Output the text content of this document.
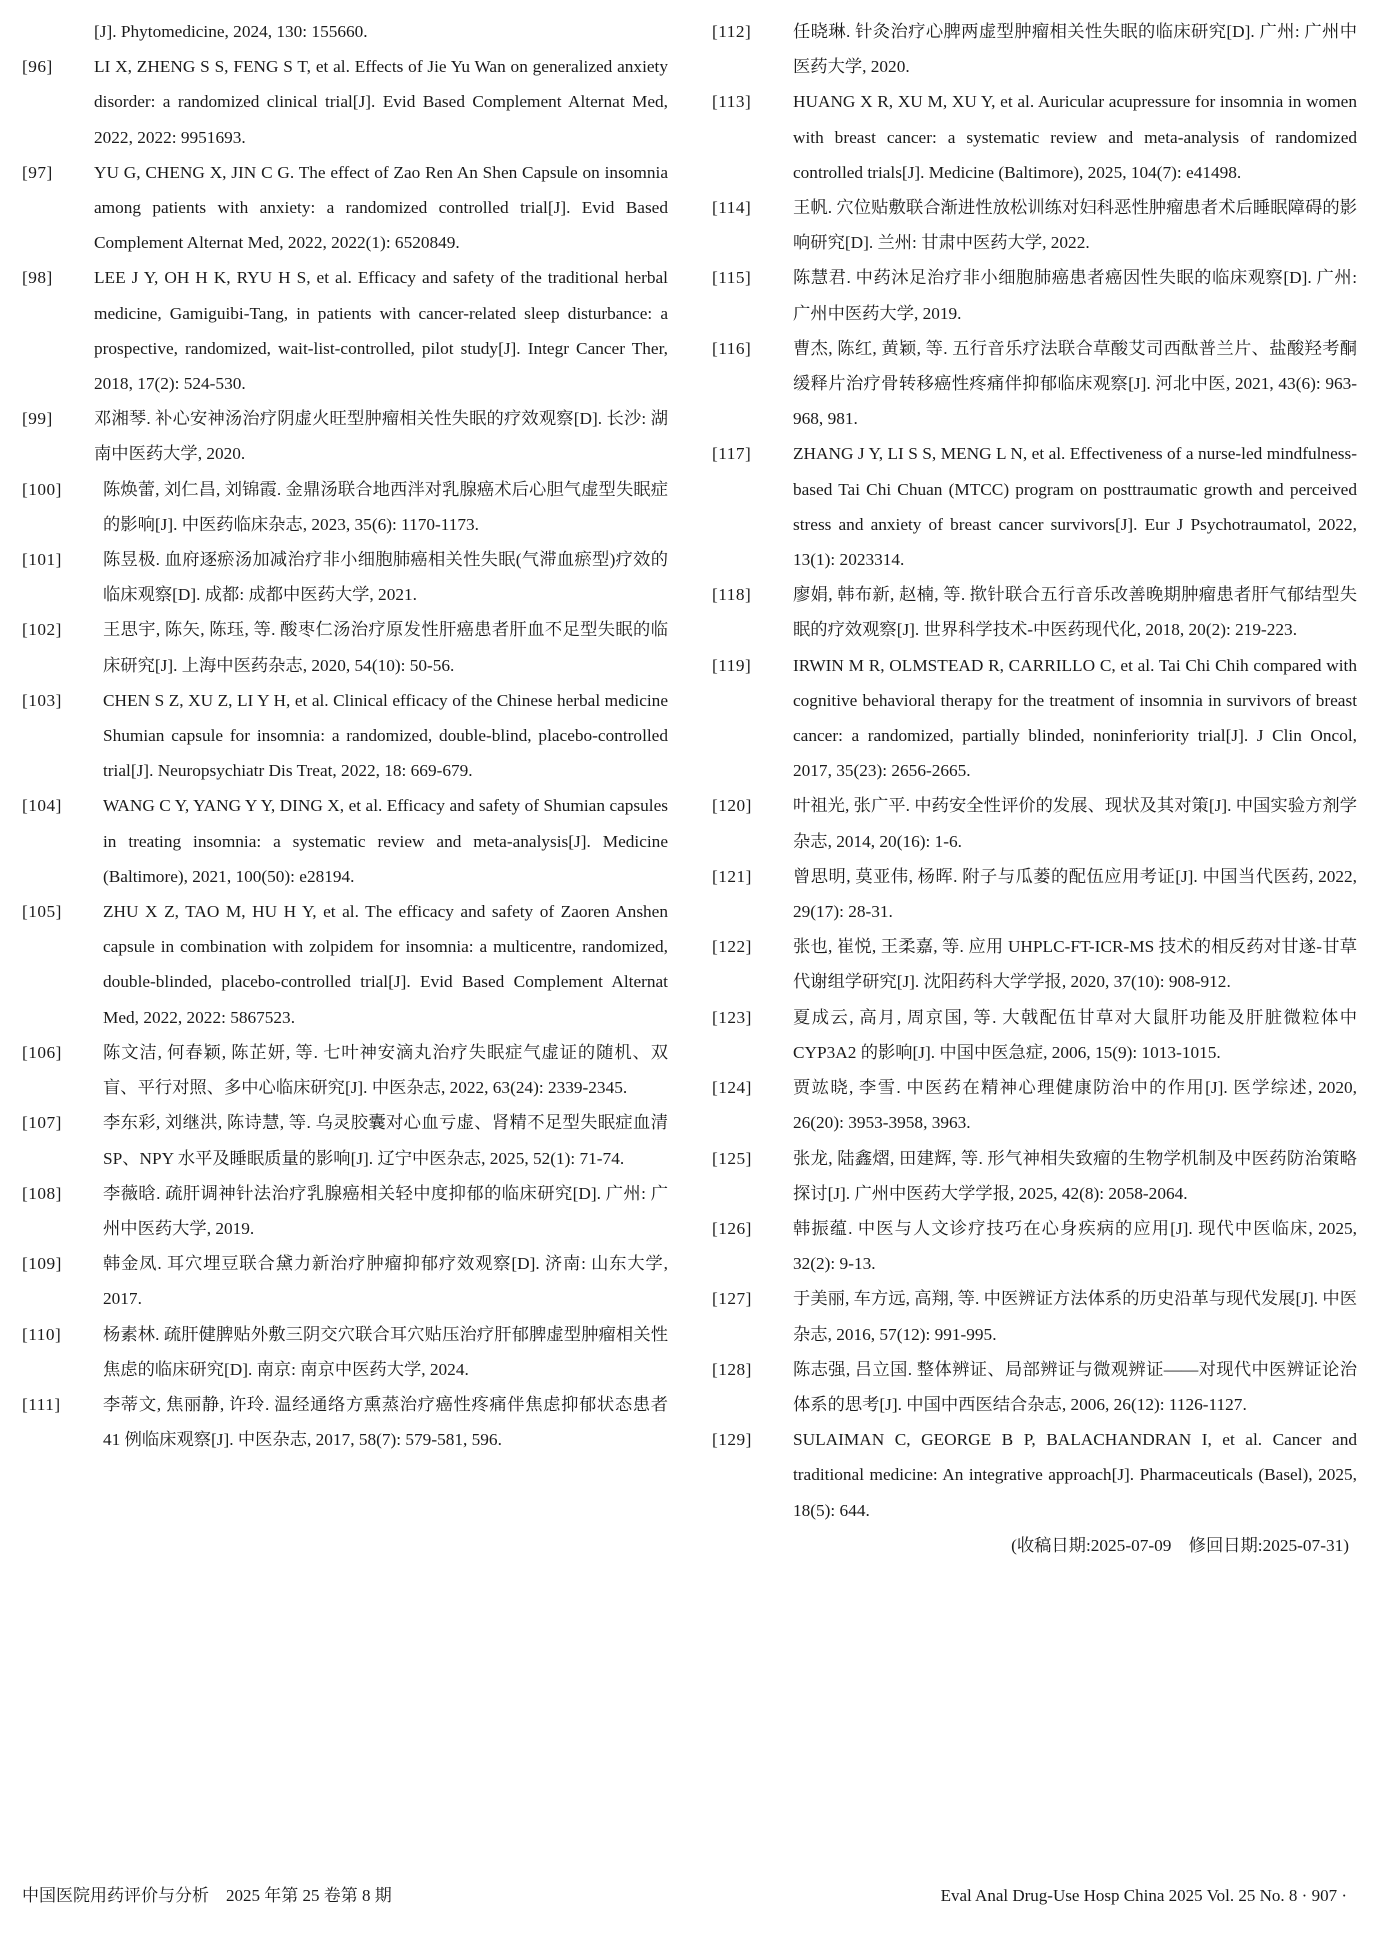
[J]. Phytomedicine, 2024, 130: 155660.
[96]	LI X, ZHENG S S, FENG S T, et al. Effects of Jie Yu Wan on generalized anxiety disorder: a randomized clinical trial[J]. Evid Based Complement Alternat Med, 2022, 2022: 9951693.
[97]	YU G, CHENG X, JIN C G. The effect of Zao Ren An Shen Capsule on insomnia among patients with anxiety: a randomized controlled trial[J]. Evid Based Complement Alternat Med, 2022, 2022(1): 6520849.
[98]	LEE J Y, OH H K, RYU H S, et al. Efficacy and safety of the traditional herbal medicine, Gamiguibi-Tang, in patients with cancer-related sleep disturbance: a prospective, randomized, wait-list-controlled, pilot study[J]. Integr Cancer Ther, 2018, 17(2): 524-530.
[99]	邓湘琴. 补心安神汤治疗阴虚火旺型肿瘤相关性失眠的疗效观察[D]. 长沙: 湖南中医药大学, 2020.
[100]	陈焕蕾, 刘仁昌, 刘锦霞. 金鼎汤联合地西泮对乳腺癌术后心胆气虚型失眠症的影响[J]. 中医药临床杂志, 2023, 35(6): 1170-1173.
[101]	陈昱极. 血府逐瘀汤加减治疗非小细胞肺癌相关性失眠(气滞血瘀型)疗效的临床观察[D]. 成都: 成都中医药大学, 2021.
[102]	王思宇, 陈矢, 陈珏, 等. 酸枣仁汤治疗原发性肝癌患者肝血不足型失眠的临床研究[J]. 上海中医药杂志, 2020, 54(10): 50-56.
[103]	CHEN S Z, XU Z, LI Y H, et al. Clinical efficacy of the Chinese herbal medicine Shumian capsule for insomnia: a randomized, double-blind, placebo-controlled trial[J]. Neuropsychiatr Dis Treat, 2022, 18: 669-679.
[104]	WANG C Y, YANG Y Y, DING X, et al. Efficacy and safety of Shumian capsules in treating insomnia: a systematic review and meta-analysis[J]. Medicine (Baltimore), 2021, 100(50): e28194.
[105]	ZHU X Z, TAO M, HU H Y, et al. The efficacy and safety of Zaoren Anshen capsule in combination with zolpidem for insomnia: a multicentre, randomized, double-blinded, placebo-controlled trial[J]. Evid Based Complement Alternat Med, 2022, 2022: 5867523.
[106]	陈文洁, 何春颖, 陈芷妍, 等. 七叶神安滴丸治疗失眠症气虚证的随机、双盲、平行对照、多中心临床研究[J]. 中医杂志, 2022, 63(24): 2339-2345.
[107]	李东彩, 刘继洪, 陈诗慧, 等. 乌灵胶囊对心血亏虚、肾精不足型失眠症血清 SP、NPY 水平及睡眠质量的影响[J]. 辽宁中医杂志, 2025, 52(1): 71-74.
[108]	李薇晗. 疏肝调神针法治疗乳腺癌相关轻中度抑郁的临床研究[D]. 广州: 广州中医药大学, 2019.
[109]	韩金凤. 耳穴埋豆联合黛力新治疗肿瘤抑郁疗效观察[D]. 济南: 山东大学, 2017.
[110]	杨素林. 疏肝健脾贴外敷三阴交穴联合耳穴贴压治疗肝郁脾虚型肿瘤相关性焦虑的临床研究[D]. 南京: 南京中医药大学, 2024.
[111]	李蒂文, 焦丽静, 许玲. 温经通络方熏蒸治疗癌性疼痛伴焦虑抑郁状态患者 41 例临床观察[J]. 中医杂志, 2017, 58(7): 579-581, 596.
[112]	任晓琳. 针灸治疗心脾两虚型肿瘤相关性失眠的临床研究[D]. 广州: 广州中医药大学, 2020.
[113]	HUANG X R, XU M, XU Y, et al. Auricular acupressure for insomnia in women with breast cancer: a systematic review and meta-analysis of randomized controlled trials[J]. Medicine (Baltimore), 2025, 104(7): e41498.
[114]	王帆. 穴位贴敷联合渐进性放松训练对妇科恶性肿瘤患者术后睡眠障碍的影响研究[D]. 兰州: 甘肃中医药大学, 2022.
[115]	陈慧君. 中药沐足治疗非小细胞肺癌患者癌因性失眠的临床观察[D]. 广州: 广州中医药大学, 2019.
[116]	曹杰, 陈红, 黄颖, 等. 五行音乐疗法联合草酸艾司西酞普兰片、盐酸羟考酮缓释片治疗骨转移癌性疼痛伴抑郁临床观察[J]. 河北中医, 2021, 43(6): 963-968, 981.
[117]	ZHANG J Y, LI S S, MENG L N, et al. Effectiveness of a nurse-led mindfulness-based Tai Chi Chuan (MTCC) program on posttraumatic growth and perceived stress and anxiety of breast cancer survivors[J]. Eur J Psychotraumatol, 2022, 13(1): 2023314.
[118]	廖娟, 韩布新, 赵楠, 等. 揿针联合五行音乐改善晚期肿瘤患者肝气郁结型失眠的疗效观察[J]. 世界科学技术-中医药现代化, 2018, 20(2): 219-223.
[119]	IRWIN M R, OLMSTEAD R, CARRILLO C, et al. Tai Chi Chih compared with cognitive behavioral therapy for the treatment of insomnia in survivors of breast cancer: a randomized, partially blinded, noninferiority trial[J]. J Clin Oncol, 2017, 35(23): 2656-2665.
[120]	叶祖光, 张广平. 中药安全性评价的发展、现状及其对策[J]. 中国实验方剂学杂志, 2014, 20(16): 1-6.
[121]	曾思明, 莫亚伟, 杨晖. 附子与瓜蒌的配伍应用考证[J]. 中国当代医药, 2022, 29(17): 28-31.
[122]	张也, 崔悦, 王柔嘉, 等. 应用 UHPLC-FT-ICR-MS 技术的相反药对甘遂-甘草代谢组学研究[J]. 沈阳药科大学学报, 2020, 37(10): 908-912.
[123]	夏成云, 高月, 周京国, 等. 大戟配伍甘草对大鼠肝功能及肝脏微粒体中 CYP3A2 的影响[J]. 中国中医急症, 2006, 15(9): 1013-1015.
[124]	贾竑晓, 李雪. 中医药在精神心理健康防治中的作用[J]. 医学综述, 2020, 26(20): 3953-3958, 3963.
[125]	张龙, 陆鑫熠, 田建辉, 等. 形气神相失致瘤的生物学机制及中医药防治策略探讨[J]. 广州中医药大学学报, 2025, 42(8): 2058-2064.
[126]	韩振蕴. 中医与人文诊疗技巧在心身疾病的应用[J]. 现代中医临床, 2025, 32(2): 9-13.
[127]	于美丽, 车方远, 高翔, 等. 中医辨证方法体系的历史沿革与现代发展[J]. 中医杂志, 2016, 57(12): 991-995.
[128]	陈志强, 吕立国. 整体辨证、局部辨证与微观辨证——对现代中医辨证论治体系的思考[J]. 中国中西医结合杂志, 2006, 26(12): 1126-1127.
[129]	SULAIMAN C, GEORGE B P, BALACHANDRAN I, et al. Cancer and traditional medicine: An integrative approach[J]. Pharmaceuticals (Basel), 2025, 18(5): 644.
(收稿日期:2025-07-09　修回日期:2025-07-31)
中国医院用药评价与分析　2025 年第 25 卷第 8 期	Eval Anal Drug-Use Hosp China 2025 Vol. 25 No. 8 · 907 ·
